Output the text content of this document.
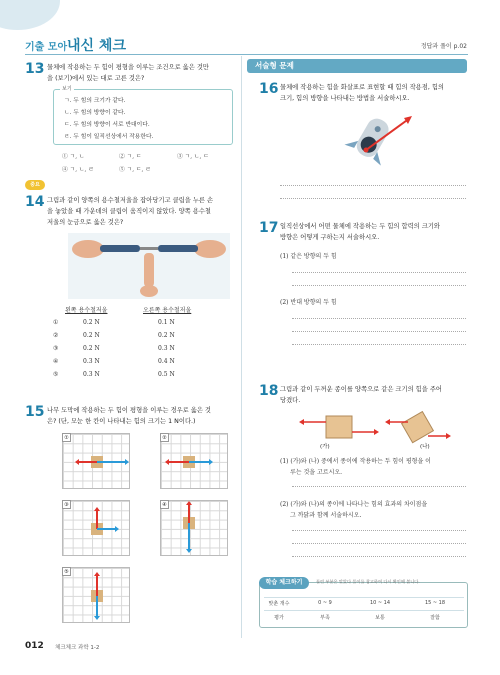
기출 모아 내신 체크	정답과 풀이 p.02
13 물체에 작용하는 두 힘이 평형을 이루는 조건으로 옳은 것만
을 (보기)에서 있는 대로 고른 것은?
보기
ㄱ. 두 힘의 크기가 같다.
ㄴ. 두 힘의 방향이 같다.
ㄷ. 두 힘의 방향이 서로 반대이다.
ㄹ. 두 힘이 일직선상에서 작용한다.
① ㄱ, ㄴ	② ㄱ, ㄷ	③ ㄱ, ㄴ, ㄷ
④ ㄱ, ㄴ, ㄹ	⑤ ㄱ, ㄷ, ㄹ
중요
14 그림과 같이 양쪽의 용수철저울을 잡아당기고 클립을 누른 손
을 놓았을 때 가운데의 클립이 움직이지 않았다. 양쪽 용수철
저울의 눈금으로 옳은 것은?
왼쪽 용수철저울	오른쪽 용수철저울
①	0.2 N	0.1 N
②	0.2 N	0.2 N
③	0.2 N	0.3 N
④	0.3 N	0.4 N
⑤	0.3 N	0.5 N
15 나무 도막에 작용하는 두 힘이 평형을 이루는 경우로 옳은 것
은? (단, 모눈 한 칸이 나타내는 힘의 크기는 1 N이다.)
①	②
③	④
⑤
서술형 문제
16 물체에 작용하는 힘을 화살표로 표현할 때 힘의 작용점, 힘의
크기, 힘의 방향을 나타내는 방법을 서술하시오.
17 일직선상에서 어떤 물체에 작용하는 두 힘의 합력의 크기와
방향은 어떻게 구하는지 서술하시오.
(1) 같은 방향의 두 힘
(2) 반대 방향의 두 힘
18 그림과 같이 두꺼운 종이를 양쪽으로 같은 크기의 힘을 주어
당겼다.
(가)	(나)
(1) (가)와 (나) 중에서 종이에 작용하는 두 힘이 평형을 이
루는 것을 고르시오.
(2) (가)와 (나)의 종이에 나타나는 힘의 효과의 차이점을
그 까닭과 함께 서술하시오.
학습 체크하기	틀린 부분은 맞았다 풀이를 참고하여 다시 확인해 봅니다.
맞춘 개수	0 ~ 9	10 ~ 14	15 ~ 18
평가	부족	보통	잘함
012 체크체크 과학 1-2
